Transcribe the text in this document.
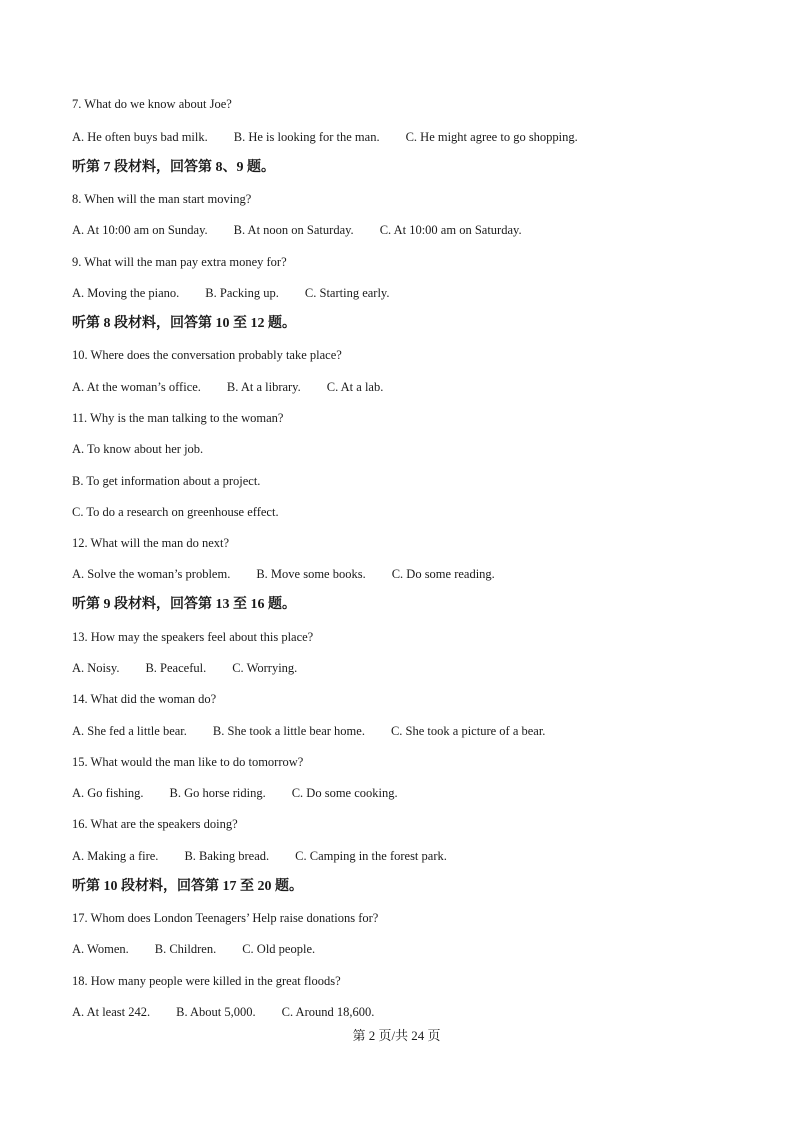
7. What do we know about Joe?
A. He often buys bad milk. B. He is looking for the man. C. He might agree to go shopping.
听第 7 段材料，回答第 8、9 题。
8. When will the man start moving?
A. At 10:00 am on Sunday. B. At noon on Saturday. C. At 10:00 am on Saturday.
9. What will the man pay extra money for?
A. Moving the piano. B. Packing up. C. Starting early.
听第 8 段材料，回答第 10 至 12 题。
10. Where does the conversation probably take place?
A. At the woman’s office. B. At a library. C. At a lab.
11. Why is the man talking to the woman?
A. To know about her job.
B. To get information about a project.
C. To do a research on greenhouse effect.
12. What will the man do next?
A. Solve the woman’s problem. B. Move some books. C. Do some reading.
听第 9 段材料，回答第 13 至 16 题。
13. How may the speakers feel about this place?
A. Noisy. B. Peaceful. C. Worrying.
14. What did the woman do?
A. She fed a little bear. B. She took a little bear home. C. She took a picture of a bear.
15. What would the man like to do tomorrow?
A. Go fishing. B. Go horse riding. C. Do some cooking.
16. What are the speakers doing?
A. Making a fire. B. Baking bread. C. Camping in the forest park.
听第 10 段材料，回答第 17 至 20 题。
17. Whom does London Teenagers’ Help raise donations for?
A. Women. B. Children. C. Old people.
18. How many people were killed in the great floods?
A. At least 242. B. About 5,000. C. Around 18,600.
第 2 页/共 24 页
